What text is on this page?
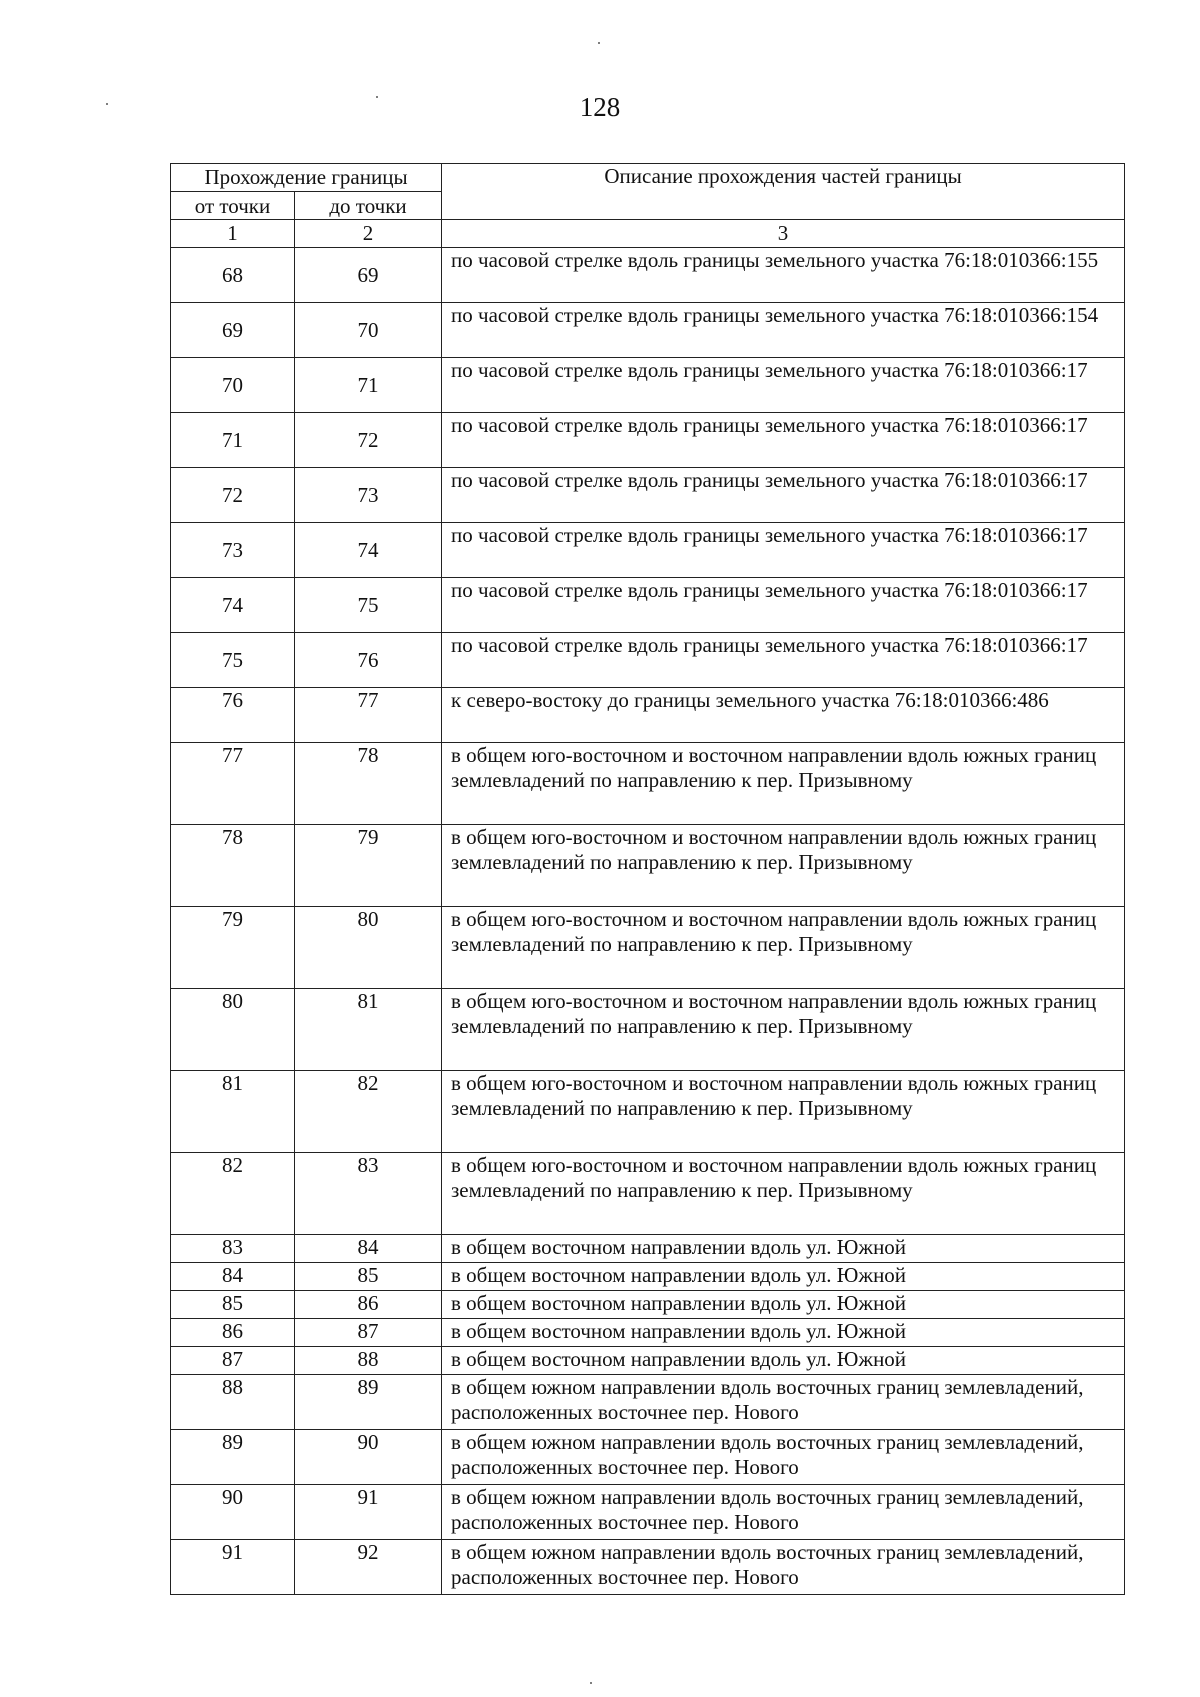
128
Прохождение границы		Описание прохождения частей границы
от точки	до точки	
1	2	3
68	69	по часовой стрелке вдоль границы земельного участка 76:18:010366:155
69	70	по часовой стрелке вдоль границы земельного участка 76:18:010366:154
70	71	по часовой стрелке вдоль границы земельного участка 76:18:010366:17
71	72	по часовой стрелке вдоль границы земельного участка 76:18:010366:17
72	73	по часовой стрелке вдоль границы земельного участка 76:18:010366:17
73	74	по часовой стрелке вдоль границы земельного участка 76:18:010366:17
74	75	по часовой стрелке вдоль границы земельного участка 76:18:010366:17
75	76	по часовой стрелке вдоль границы земельного участка 76:18:010366:17
76	77	к северо-востоку до границы земельного участка 76:18:010366:486
77	78	в общем юго-восточном и восточном направлении вдоль южных границ землевладений по направлению к пер. Призывному
78	79	в общем юго-восточном и восточном направлении вдоль южных границ землевладений по направлению к пер. Призывному
79	80	в общем юго-восточном и восточном направлении вдоль южных границ землевладений по направлению к пер. Призывному
80	81	в общем юго-восточном и восточном направлении вдоль южных границ землевладений по направлению к пер. Призывному
81	82	в общем юго-восточном и восточном направлении вдоль южных границ землевладений по направлению к пер. Призывному
82	83	в общем юго-восточном и восточном направлении вдоль южных границ землевладений по направлению к пер. Призывному
83	84	в общем восточном направлении вдоль ул. Южной
84	85	в общем восточном направлении вдоль ул. Южной
85	86	в общем восточном направлении вдоль ул. Южной
86	87	в общем восточном направлении вдоль ул. Южной
87	88	в общем восточном направлении вдоль ул. Южной
88	89	в общем южном направлении вдоль восточных границ землевладений, расположенных восточнее пер. Нового
89	90	в общем южном направлении вдоль восточных границ землевладений, расположенных восточнее пер. Нового
90	91	в общем южном направлении вдоль восточных границ землевладений, расположенных восточнее пер. Нового
91	92	в общем южном направлении вдоль восточных границ землевладений, расположенных восточнее пер. Нового
